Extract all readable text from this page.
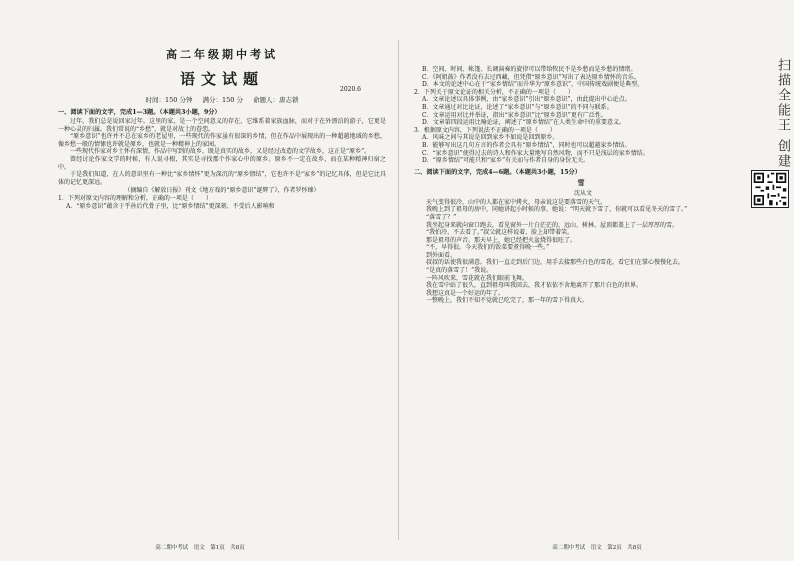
高二年级期中考试
语文试题
时间：150 分钟 满分：150 分 命题人：唐志锁
一、阅读下面的文字，完成1—3题。（本题共3小题，9分）

过年，我们总是说回家过年。这里的家，是一个空间意义的存在，它维系着家族血脉，而对于在外漂泊的游子，它更是一种心灵的归属。我们常说的“乡愁”，就是对故土的眷恋。

“原乡意识”也许并不总在家乡的老屋里，一些现代的作家虽有很深的乡情，但在作品中展现出的一种超越地域的乡愁，像乡愁一般的情愫也许就是原乡，也就是一种精神上的家园。

一些现代作家对乡土怀有深情，作品中写到的故乡，既是真实的故乡，又是经过改造的文学故乡，这正是“原乡”。

曾经讨论作家文学的时候，有人说寻根，其实是寻找那个作家心中的原乡。原乡不一定在故乡，而在某种精神归宿之中。

于是我们知道，在人的意识里有一种比“家乡情怀”更为深沉的“原乡情结”，它也许不是“家乡”的记忆具体，但是它比具体的记忆更深远。

（摘编自《解放日报》刊文《地方戏的“原乡意识”诞辉了》，作者罗怀臻）
1．下列对原文内容的理解和分析，正确的一项是（　　）
A．“原乡意识”蕴含于乎孙后代骨子里，比“原乡情结”更深刻、不受后人影响和
高二期中考试　语文　第1页　共8页
2020.6
B．空间、时间、帐篷、长调演奏的旋律可以带给牧民不是乡愁而是乡愁的情绪。
C．《阿姐鼓》作者没有去过西藏，但凭借“原乡意识”写出了表达原乡情怀的音乐。
D．本文的论述中心在于“家乡情结”而升华为“原乡意识”，中国传统戏剧便是典型。
2．下列关于原文论证的相关分析，不正确的一项是（　　）
A．文章论述以具体事例，由“家乡意识”引出“原乡意识”，由此提出中心论点。
B．文章通过对比论证，论述了“家乡意识”与“原乡意识”的不同与联系。
C．文章运用对比并举证，指出“家乡意识”比“原乡意识”更有广泛性。
D．文章第四段运用比喻论证，阐述了“原乡情结”在人类生命中的重要意义。
3．根据原文内容，下列说法不正确的一项是（　　）
A．风味之间与其说是回到家乡不如说是回到原乡。
B．能够写出这几句方言的作者会具有“原乡情结”，同时也可以超越家乡情结。
C．“家乡意识”使得过去的诗人和作家大量地写自然风物，而不只是浅层的家乡情结。
D．“原乡情结”可能只和“家乡”有关而与作者自身的身份无关。
二、阅读下面的文字，完成4—6题。（本题共3小题，15分）
雪
沈从文

天气变得很冷，山中的人都在家中烤火，母亲说这是要落雪的天气。

我晚上到了祖母的房中，同她讲起小时候的事，她说：“明天就下雪了，你就可以看见冬天的雪了。”

“落雪了？”

我坐起身来就向窗口跑去，看见窗外一片白茫茫的，远山、树林、屋顶都盖上了一层厚厚的雪。

“我怕冷，不去看了。”叔父就这样说着，脸上却带着笑。

那是祖母的声音。那天早上，她已经把火盆烧得很旺了。

“不，早得很。今天我们的饭菜要煮得晚一些。”

到外面看。

叔叔的话使我很满意。我们一直走到后门边，用手去接那些白色的雪花，看它们在掌心慢慢化去。

“是真的落雪了！”我说。

一阵风吹来，雪花就在我们眼前飞舞。

我在雪中站了很久，直到祖母叫我回去，我才依依不舍地离开了那片白色的世界。

我想这真是一个好运的年了。

一整晚上，我们不知不觉就已吃完了，那一年的雪下得真大。

高二期中考试　语文　第2页　共8页
扫描全能王 创建
